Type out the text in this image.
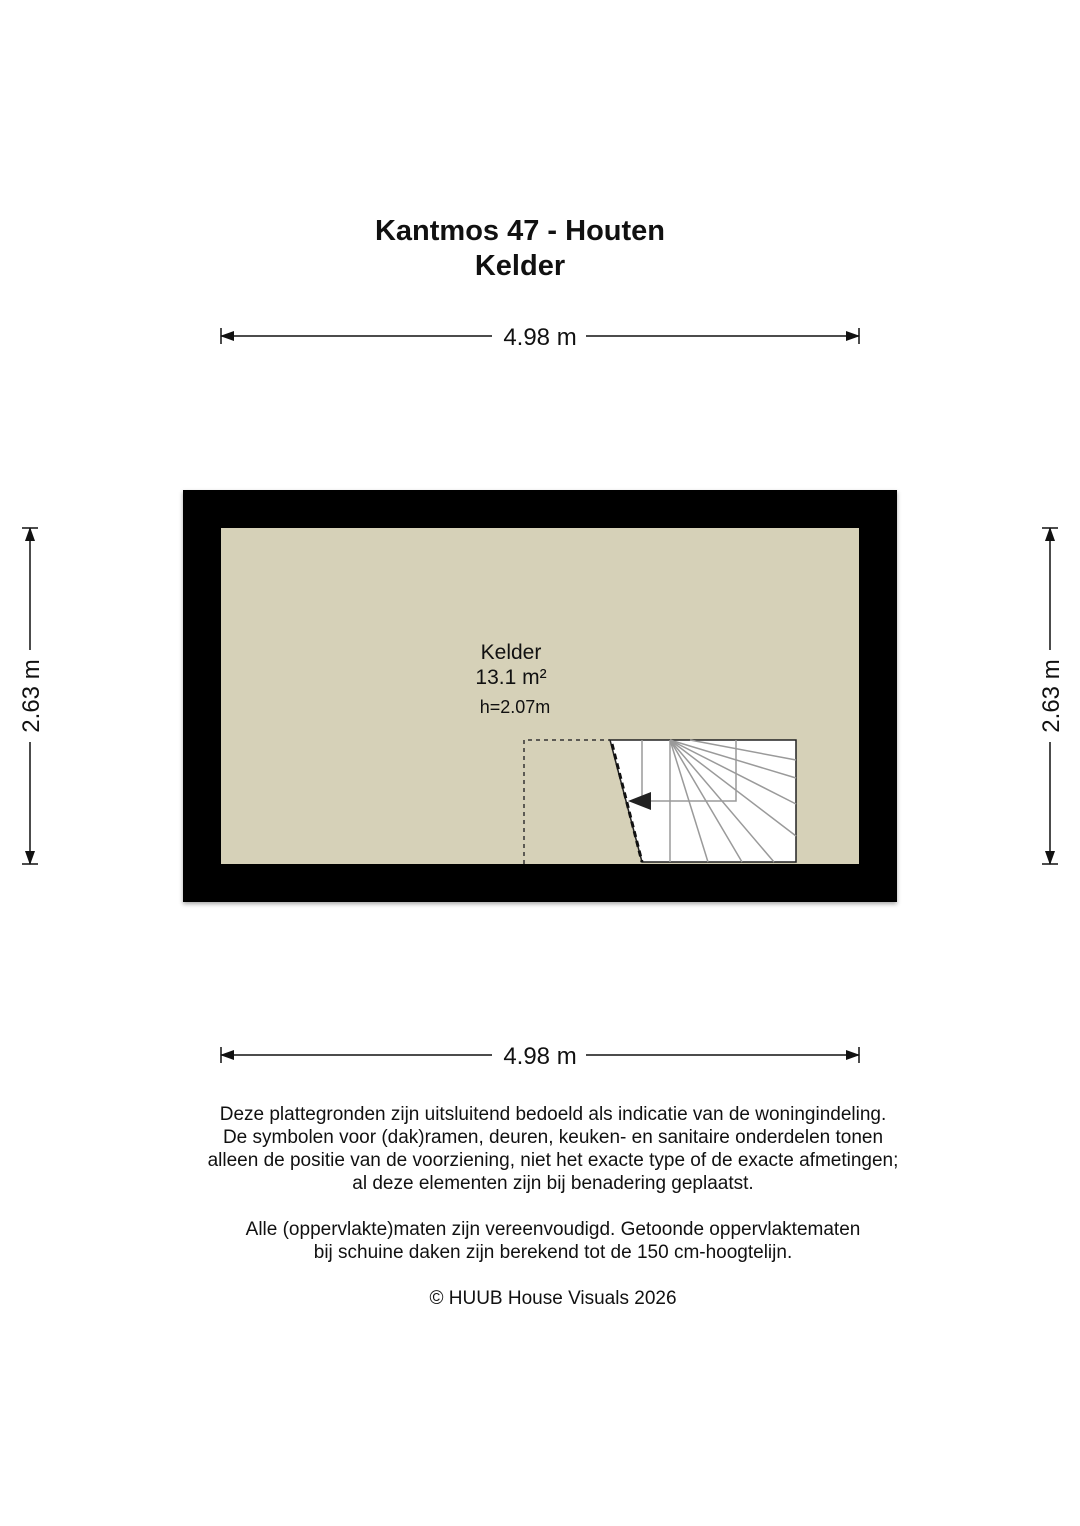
Kantmos 47 - Houten
Kelder
4.98 m
4.98 m
2.63 m	2.63 m
Kelder
13.1 m²
h=2.07m
Deze plattegronden zijn uitsluitend bedoeld als indicatie van de woningindeling.
De symbolen voor (dak)ramen, deuren, keuken- en sanitaire onderdelen tonen
alleen de positie van de voorziening, niet het exacte type of de exacte afmetingen;
al deze elementen zijn bij benadering geplaatst.
Alle (oppervlakte)maten zijn vereenvoudigd. Getoonde oppervlaktematen
bij schuine daken zijn berekend tot de 150 cm-hoogtelijn.
© HUUB House Visuals 2026
